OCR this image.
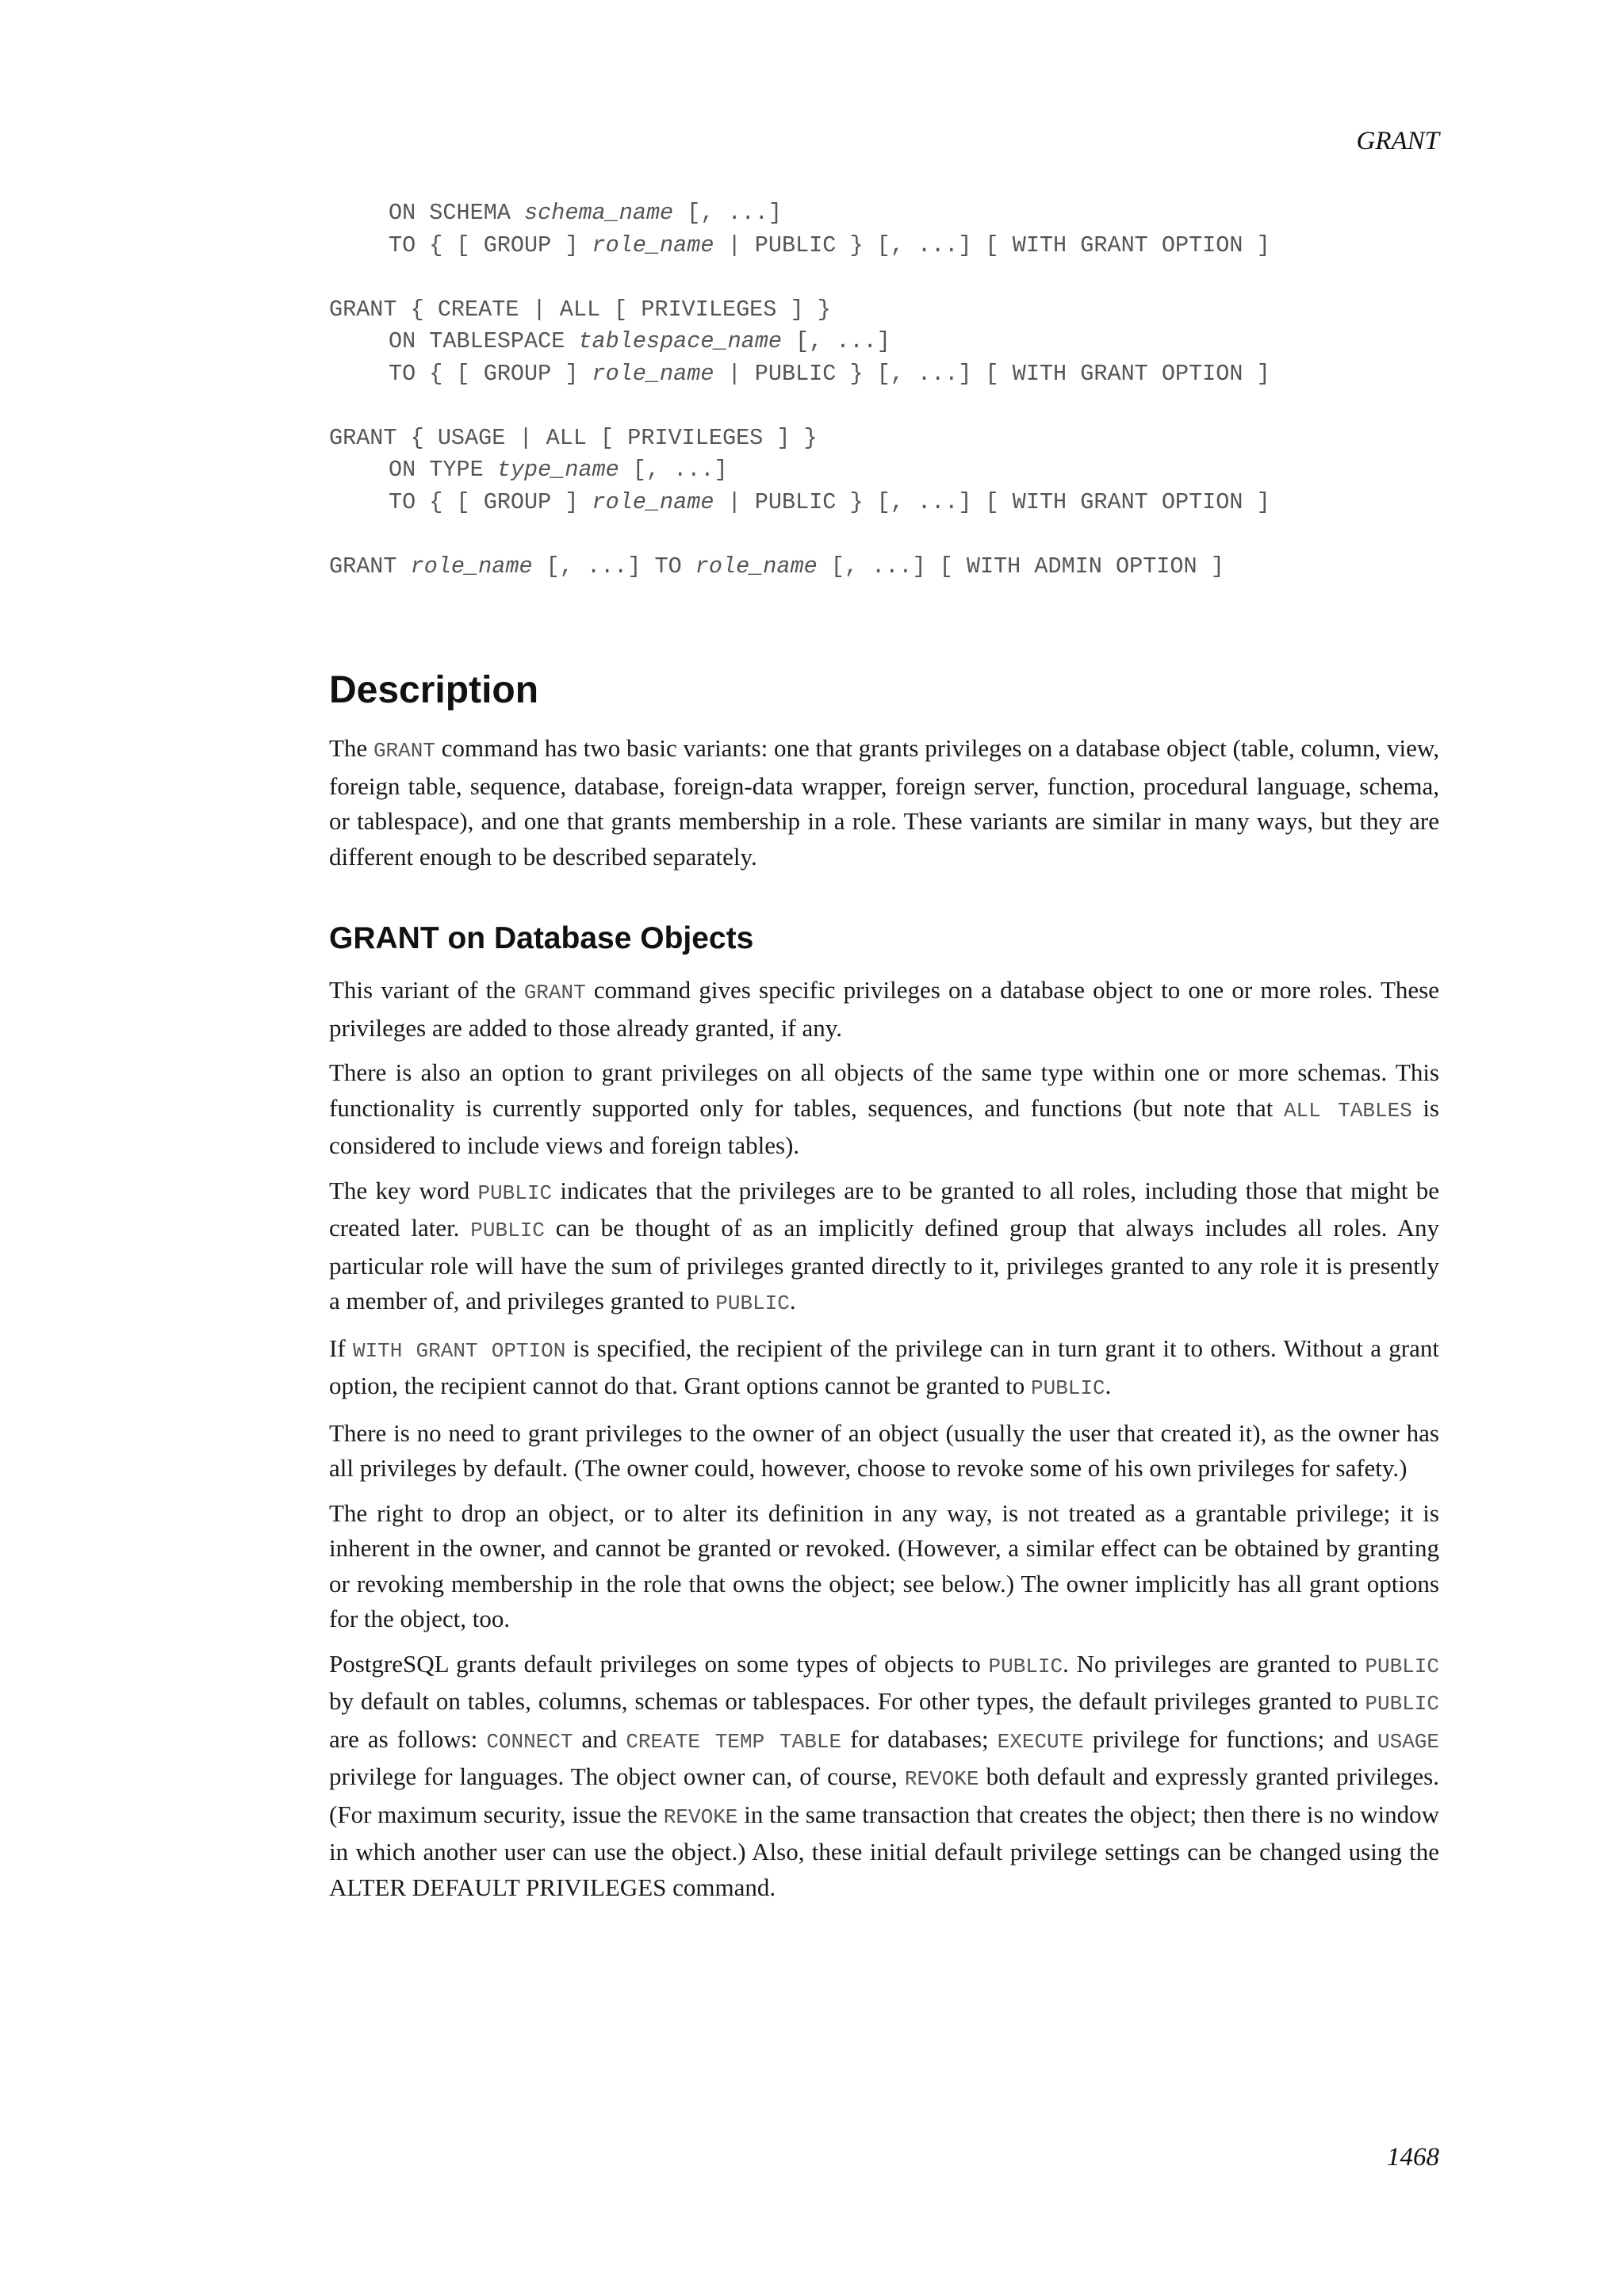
GRANT
ON SCHEMA schema_name [, ...]
TO { [ GROUP ] role_name | PUBLIC } [, ...] [ WITH GRANT OPTION ]
GRANT { CREATE | ALL [ PRIVILEGES ] }
ON TABLESPACE tablespace_name [, ...]
TO { [ GROUP ] role_name | PUBLIC } [, ...] [ WITH GRANT OPTION ]
GRANT { USAGE | ALL [ PRIVILEGES ] }
ON TYPE type_name [, ...]
TO { [ GROUP ] role_name | PUBLIC } [, ...] [ WITH GRANT OPTION ]
GRANT role_name [, ...] TO role_name [, ...] [ WITH ADMIN OPTION ]
Description

The GRANT command has two basic variants: one that grants privileges on a database object (table, column, view, foreign table, sequence, database, foreign-data wrapper, foreign server, function, procedural language, schema, or tablespace), and one that grants membership in a role. These variants are similar in many ways, but they are different enough to be described separately.

GRANT on Database Objects

This variant of the GRANT command gives specific privileges on a database object to one or more roles. These privileges are added to those already granted, if any.

There is also an option to grant privileges on all objects of the same type within one or more schemas. This functionality is currently supported only for tables, sequences, and functions (but note that ALL TABLES is considered to include views and foreign tables).

The key word PUBLIC indicates that the privileges are to be granted to all roles, including those that might be created later. PUBLIC can be thought of as an implicitly defined group that always includes all roles. Any particular role will have the sum of privileges granted directly to it, privileges granted to any role it is presently a member of, and privileges granted to PUBLIC.

If WITH GRANT OPTION is specified, the recipient of the privilege can in turn grant it to others. Without a grant option, the recipient cannot do that. Grant options cannot be granted to PUBLIC.

There is no need to grant privileges to the owner of an object (usually the user that created it), as the owner has all privileges by default. (The owner could, however, choose to revoke some of his own privileges for safety.)

The right to drop an object, or to alter its definition in any way, is not treated as a grantable privilege; it is inherent in the owner, and cannot be granted or revoked. (However, a similar effect can be obtained by granting or revoking membership in the role that owns the object; see below.) The owner implicitly has all grant options for the object, too.

PostgreSQL grants default privileges on some types of objects to PUBLIC. No privileges are granted to PUBLIC by default on tables, columns, schemas or tablespaces. For other types, the default privileges granted to PUBLIC are as follows: CONNECT and CREATE TEMP TABLE for databases; EXECUTE privilege for functions; and USAGE privilege for languages. The object owner can, of course, REVOKE both default and expressly granted privileges. (For maximum security, issue the REVOKE in the same transaction that creates the object; then there is no window in which another user can use the object.) Also, these initial default privilege settings can be changed using the ALTER DEFAULT PRIVILEGES command.

1468
